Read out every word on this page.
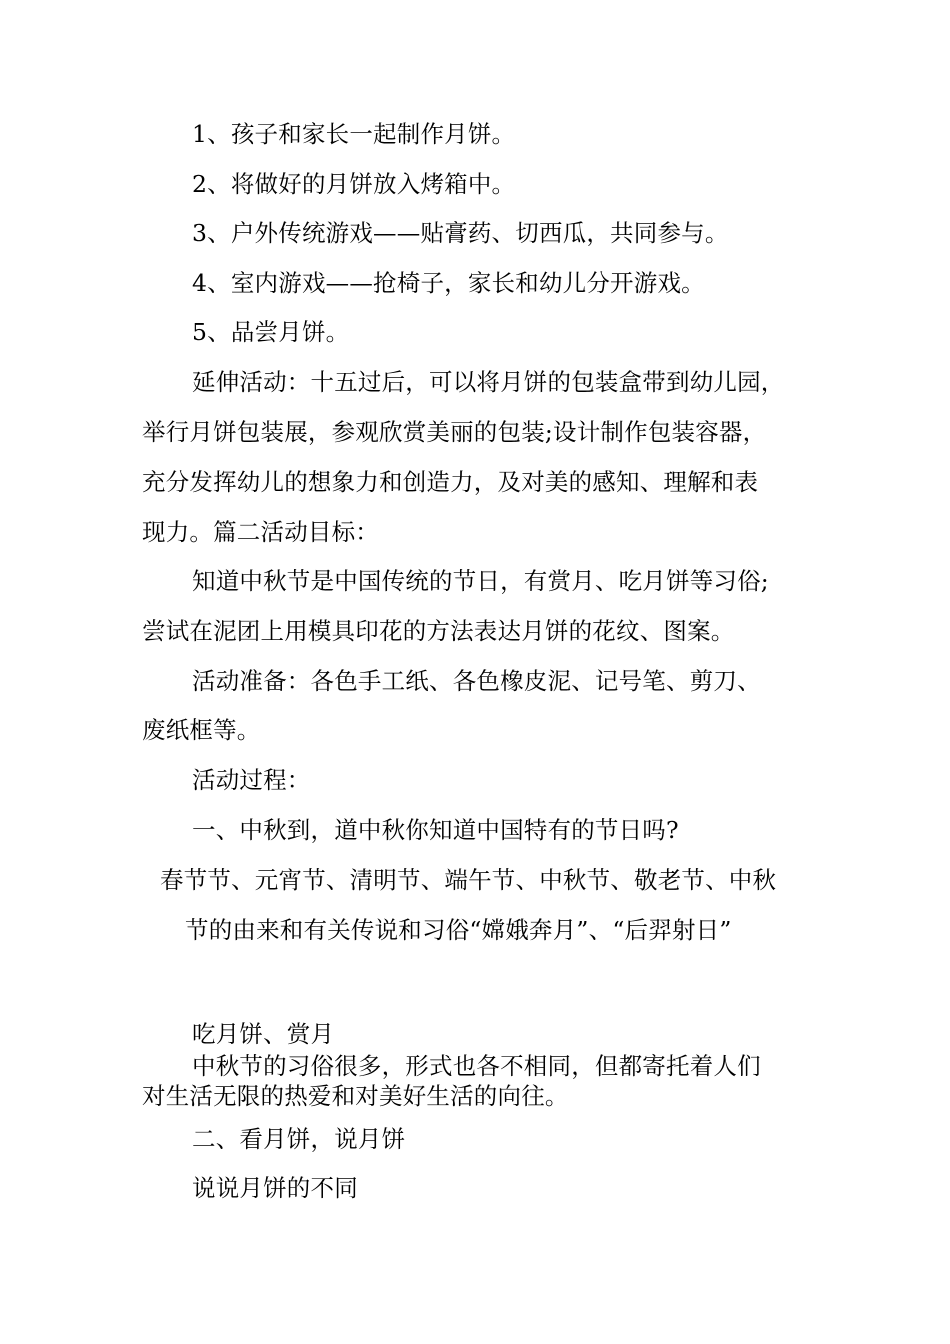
1、孩子和家长一起制作月饼。
2、将做好的月饼放入烤箱中。
3、户外传统游戏——贴膏药、切西瓜，共同参与。
4、室内游戏——抢椅子，家长和幼儿分开游戏。
5、品尝月饼。
延伸活动：十五过后，可以将月饼的包装盒带到幼儿园，
举行月饼包装展，参观欣赏美丽的包装;设计制作包装容器，
充分发挥幼儿的想象力和创造力，及对美的感知、理解和表
现力。篇二活动目标：
知道中秋节是中国传统的节日，有赏月、吃月饼等习俗;
尝试在泥团上用模具印花的方法表达月饼的花纹、图案。
活动准备：各色手工纸、各色橡皮泥、记号笔、剪刀、
废纸框等。
活动过程：
一、中秋到，道中秋你知道中国特有的节日吗?
春节节、元宵节、清明节、端午节、中秋节、敬老节、中秋
节的由来和有关传说和习俗“嫦娥奔月”、“后羿射日”
吃月饼、赏月
中秋节的习俗很多，形式也各不相同，但都寄托着人们
对生活无限的热爱和对美好生活的向往。
二、看月饼，说月饼
说说月饼的不同
